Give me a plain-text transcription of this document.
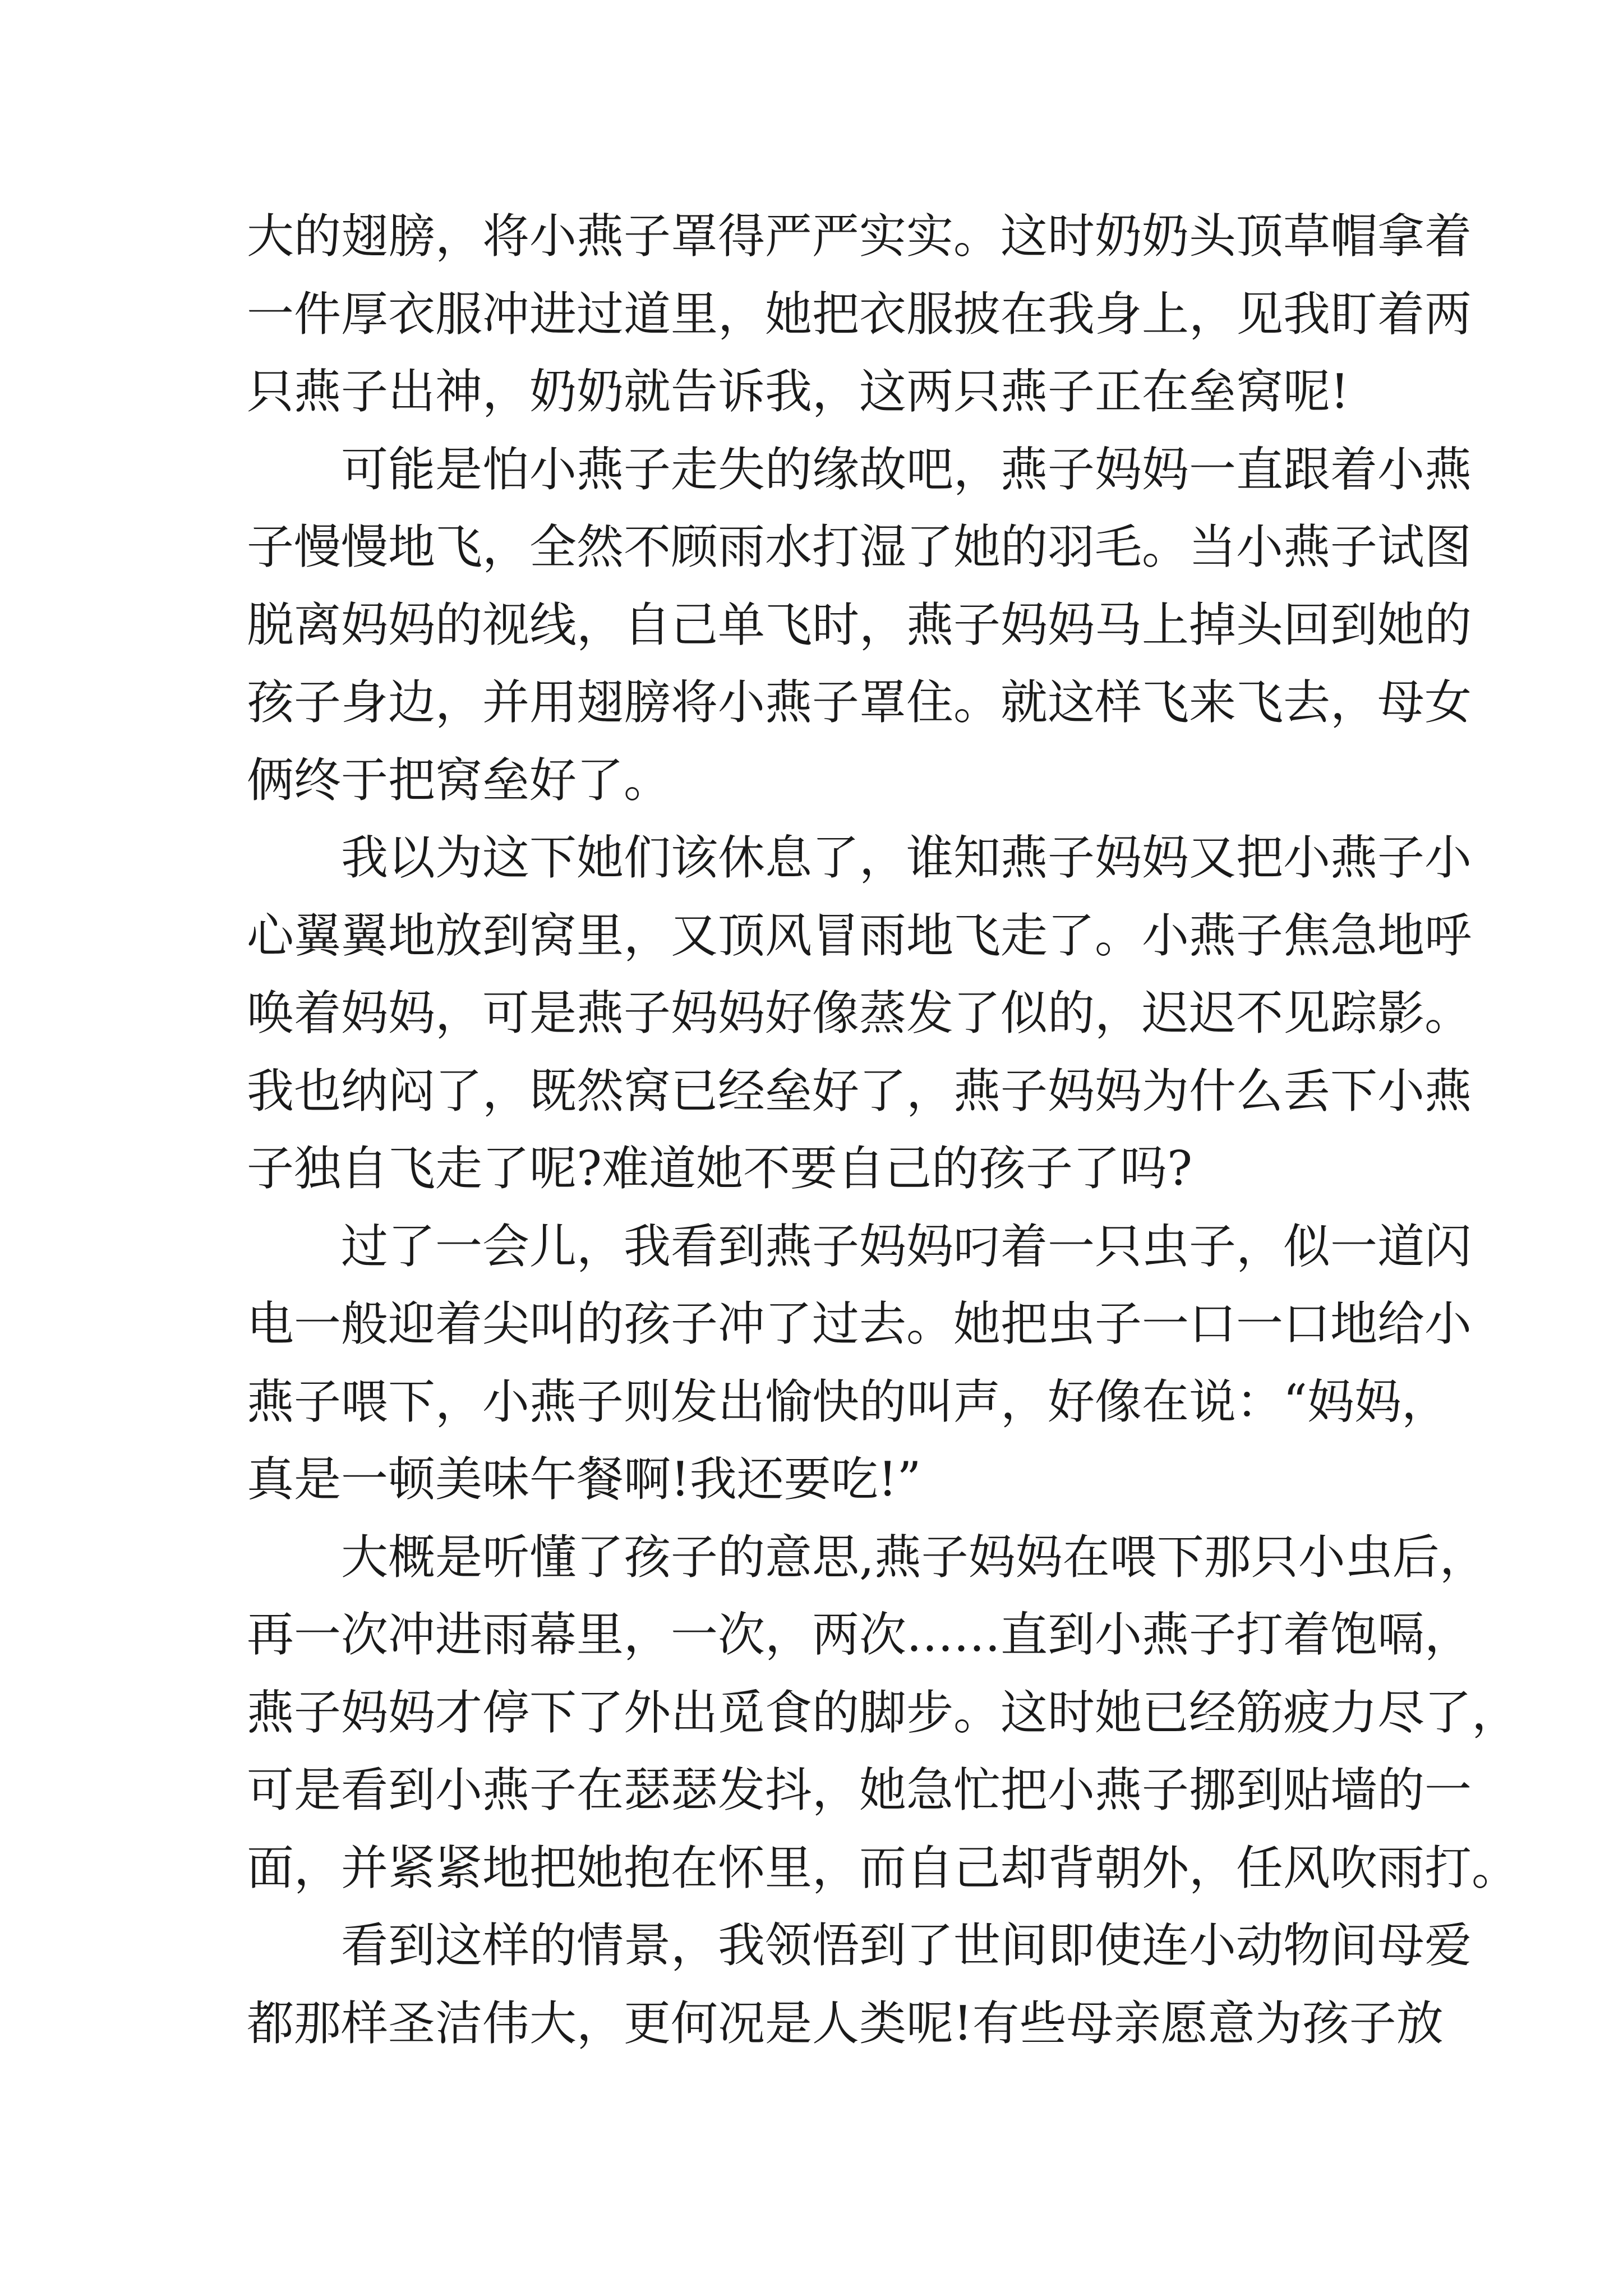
大的翅膀，将小燕子罩得严严实实。这时奶奶头顶草帽拿着
一件厚衣服冲进过道里，她把衣服披在我身上，见我盯着两
只燕子出神，奶奶就告诉我，这两只燕子正在垒窝呢!
可能是怕小燕子走失的缘故吧，燕子妈妈一直跟着小燕
子慢慢地飞，全然不顾雨水打湿了她的羽毛。当小燕子试图
脱离妈妈的视线，自己单飞时，燕子妈妈马上掉头回到她的
孩子身边，并用翅膀将小燕子罩住。就这样飞来飞去，母女
俩终于把窝垒好了。
我以为这下她们该休息了，谁知燕子妈妈又把小燕子小
心翼翼地放到窝里，又顶风冒雨地飞走了。小燕子焦急地呼
唤着妈妈，可是燕子妈妈好像蒸发了似的，迟迟不见踪影。
我也纳闷了，既然窝已经垒好了，燕子妈妈为什么丢下小燕
子独自飞走了呢?难道她不要自己的孩子了吗?
过了一会儿，我看到燕子妈妈叼着一只虫子，似一道闪
电一般迎着尖叫的孩子冲了过去。她把虫子一口一口地给小
燕子喂下，小燕子则发出愉快的叫声，好像在说：“妈妈，
真是一顿美味午餐啊!我还要吃!”
大概是听懂了孩子的意思,燕子妈妈在喂下那只小虫后，
再一次冲进雨幕里，一次，两次……直到小燕子打着饱嗝，
燕子妈妈才停下了外出觅食的脚步。这时她已经筋疲力尽了，
可是看到小燕子在瑟瑟发抖，她急忙把小燕子挪到贴墙的一
面，并紧紧地把她抱在怀里，而自己却背朝外，任风吹雨打。
看到这样的情景，我领悟到了世间即使连小动物间母爱
都那样圣洁伟大，更何况是人类呢!有些母亲愿意为孩子放
